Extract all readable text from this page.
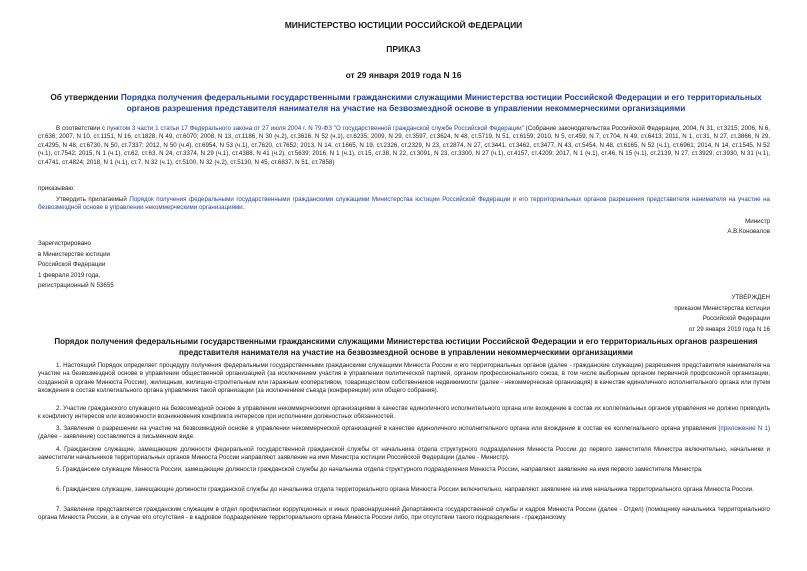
МИНИСТЕРСТВО ЮСТИЦИИ РОССИЙСКОЙ ФЕДЕРАЦИИ
ПРИКАЗ
от 29 января 2019 года N 16
Об утверждении Порядка получения федеральными государственными гражданскими служащими Министерства юстиции Российской Федерации и его территориальных органов разрешения представителя нанимателя на участие на безвозмездной основе в управлении некоммерческими организациями
В соответствии с пунктом 3 части 1 статьи 17 Федерального закона от 27 июля 2004 г. N 79-ФЗ "О государственной гражданской службе Российской Федерации" (Собрание законодательства Российской Федерации, 2004, N 31, ст.3215; 2006, N 6, ст.636; 2007, N 10, ст.1151, N 16, ст.1828, N 49, ст.6070; 2008, N 13, ст.1186, N 30 (ч.2), ст.3616, N 52 (ч.1), ст.6235; 2009, N 29, ст.3597, ст.3624, N 48, ст.5719, N 51, ст.6159; 2010, N 5, ст.459, N 7, ст.704, N 49, ст.6413; 2011, N 1, ст.31, N 27, ст.3866, N 29, ст.4295, N 48, ст.6730, N 50, ст.7337; 2012, N 50 (ч.4), ст.6954, N 53 (ч.1), ст.7620, ст.7652; 2013, N 14, ст.1665, N 19, ст.2326, ст.2329, N 23, ст.2874, N 27, ст.3441, ст.3462, ст.3477, N 43, ст.5454, N 48, ст.6165, N 52 (ч.1), ст.6961; 2014, N 14, ст.1545, N 52 (ч.1), ст.7542; 2015, N 1 (ч.1), ст.62, ст.63, N 24, ст.3374, N 29 (ч.1), ст.4388, N 41 (ч.2), ст.5639; 2016, N 1 (ч.1), ст.15, ст.38, N 22, ст.3091, N 23, ст.3300, N 27 (ч.1), ст.4157, ст.4209; 2017, N 1 (ч.1), ст.46, N 15 (ч.1), ст.2139, N 27, ст.3929, ст.3930, N 31 (ч.1), ст.4741, ст.4824; 2018, N 1 (ч.1), ст.7, N 32 (ч.1), ст.5100, N 32 (ч.2), ст.5130, N 45, ст.6837, N 51, ст.7858)
приказываю:
Утвердить прилагаемый Порядок получения федеральными государственными гражданскими служащими Министерства юстиции Российской Федерации и его территориальных органов разрешения представителя нанимателя на участие на безвозмездной основе в управлении некоммерческими организациями.
Министр
А.В.Коновалов
Зарегистрировано
в Министерстве юстиции
Российской Федерации
1 февраля 2019 года,
регистрационный N 53655
УТВЕРЖДЕН
приказом Министерства юстиции
Российской Федерации
от 29 января 2019 года N 16
Порядок получения федеральными государственными гражданскими служащими Министерства юстиции Российской Федерации и его территориальных органов разрешения представителя нанимателя на участие на безвозмездной основе в управлении некоммерческими организациями
1. Настоящий Порядок определяет процедуру получения федеральными государственными гражданскими служащими Минюста России и его территориальных органов (далее - гражданские служащие) разрешения представителя нанимателя на участие на безвозмездной основе в управлении общественной организацией (за исключением участия в управлении политической партией, органом профессионального союза, в том числе выборным органом первичной профсоюзной организации, созданной в органе Минюста России), жилищным, жилищно-строительным или гаражным кооперативом, товариществом собственников недвижимости (далее - некоммерческая организация) в качестве единоличного исполнительного органа или путем вхождения в состав коллегиального органа управления такой организации (за исключением съезда (конференции) или общего собрания).
2. Участие гражданского служащего на безвозмездной основе в управлении некоммерческими организациями в качестве единоличного исполнительного органа или вхождение в состав их коллегиальных органов управления не должно приводить к конфликту интересов или возможности возникновения конфликта интересов при исполнении должностных обязанностей.
3. Заявление о разрешении на участие на безвозмездной основе в управлении некоммерческой организацией в качестве единоличного исполнительного органа или вхождение в состав ее коллегиального органа управления (приложение N 1) (далее - заявление) составляется в письменном виде.
4. Гражданские служащие, замещающие должности федеральной государственной гражданской службы от начальника отдела структурного подразделения Минюста России до первого заместителя Министра включительно, начальники и заместители начальников территориальных органов Минюста России направляют заявление на имя Министра юстиции Российской Федерации (далее - Министр).
5. Гражданские служащие Минюста России, замещающие должности гражданской службы до начальника отдела структурного подразделения Минюста России, направляют заявление на имя первого заместителя Министра.
6. Гражданские служащие, замещающие должности гражданской службы до начальника отдела территориального органа Минюста России включительно, направляют заявление на имя начальника территориального органа Минюста России.
7. Заявление представляется гражданским служащим в отдел профилактики коррупционных и иных правонарушений Департамента государственной службы и кадров Минюста России (далее - Отдел) (помощнику начальника территориального органа Минюста России, а в случае его отсутствия - в кадровое подразделение территориального органа Минюста России либо, при отсутствии такого подразделения - гражданскому
